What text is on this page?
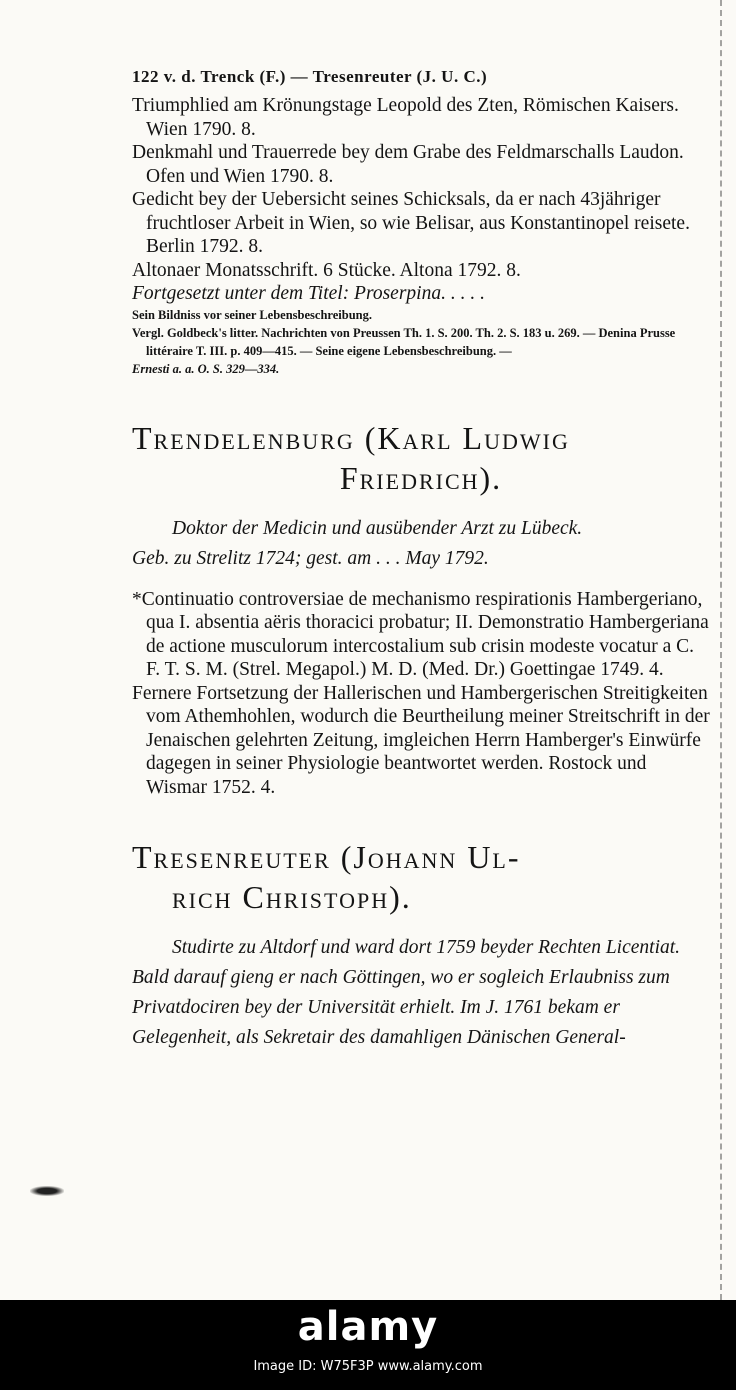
122 v. d. Trenck (F.) — Tresenreuter (J. U. C.)

Triumphlied am Krönungstage Leopold des Zten, Römischen Kaisers. Wien 1790. 8.

Denkmahl und Trauerrede bey dem Grabe des Feldmarschalls Laudon. Ofen und Wien 1790. 8.

Gedicht bey der Uebersicht seines Schicksals, da er nach 43jähriger fruchtloser Arbeit in Wien, so wie Belisar, aus Konstantinopel reisete. Berlin 1792. 8.

Altonaer Monatsschrift. 6 Stücke. Altona 1792. 8.

Fortgesetzt unter dem Titel: Proserpina. . . . .

Sein Bildniss vor seiner Lebensbeschreibung.

Vergl. Goldbeck's litter. Nachrichten von Preussen Th. 1. S. 200. Th. 2. S. 183 u. 269. — Denina Prusse littéraire T. III. p. 409—415. — Seine eigene Lebensbeschreibung. —

Ernesti a. a. O. S. 329—334.

Trendelenburg (Karl Ludwig

Friedrich).

Doktor der Medicin und ausübender Arzt zu Lübeck.

Geb. zu Strelitz 1724; gest. am . . . May 1792.

*Continuatio controversiae de mechanismo respirationis Hambergeriano, qua I. absentia aëris thoracici probatur; II. Demonstratio Hambergeriana de actione musculorum intercostalium sub crisin modeste vocatur a C. F. T. S. M. (Strel. Megapol.) M. D. (Med. Dr.) Goettingae 1749. 4.

Fernere Fortsetzung der Hallerischen und Hambergerischen Streitigkeiten vom Athemhohlen, wodurch die Beurtheilung meiner Streitschrift in der Jenaischen gelehrten Zeitung, imgleichen Herrn Hamberger's Einwürfe dagegen in seiner Physiologie beantwortet werden. Rostock und Wismar 1752. 4.

Tresenreuter (Johann Ul-

rich Christoph).

Studirte zu Altdorf und ward dort 1759 beyder Rechten Licentiat. Bald darauf gieng er nach Göttingen, wo er sogleich Erlaubniss zum Privatdociren bey der Universität erhielt. Im J. 1761 bekam er Gelegenheit, als Sekretair des damahligen Dänischen General-

alamy
Image ID: W75F3P www.alamy.com
